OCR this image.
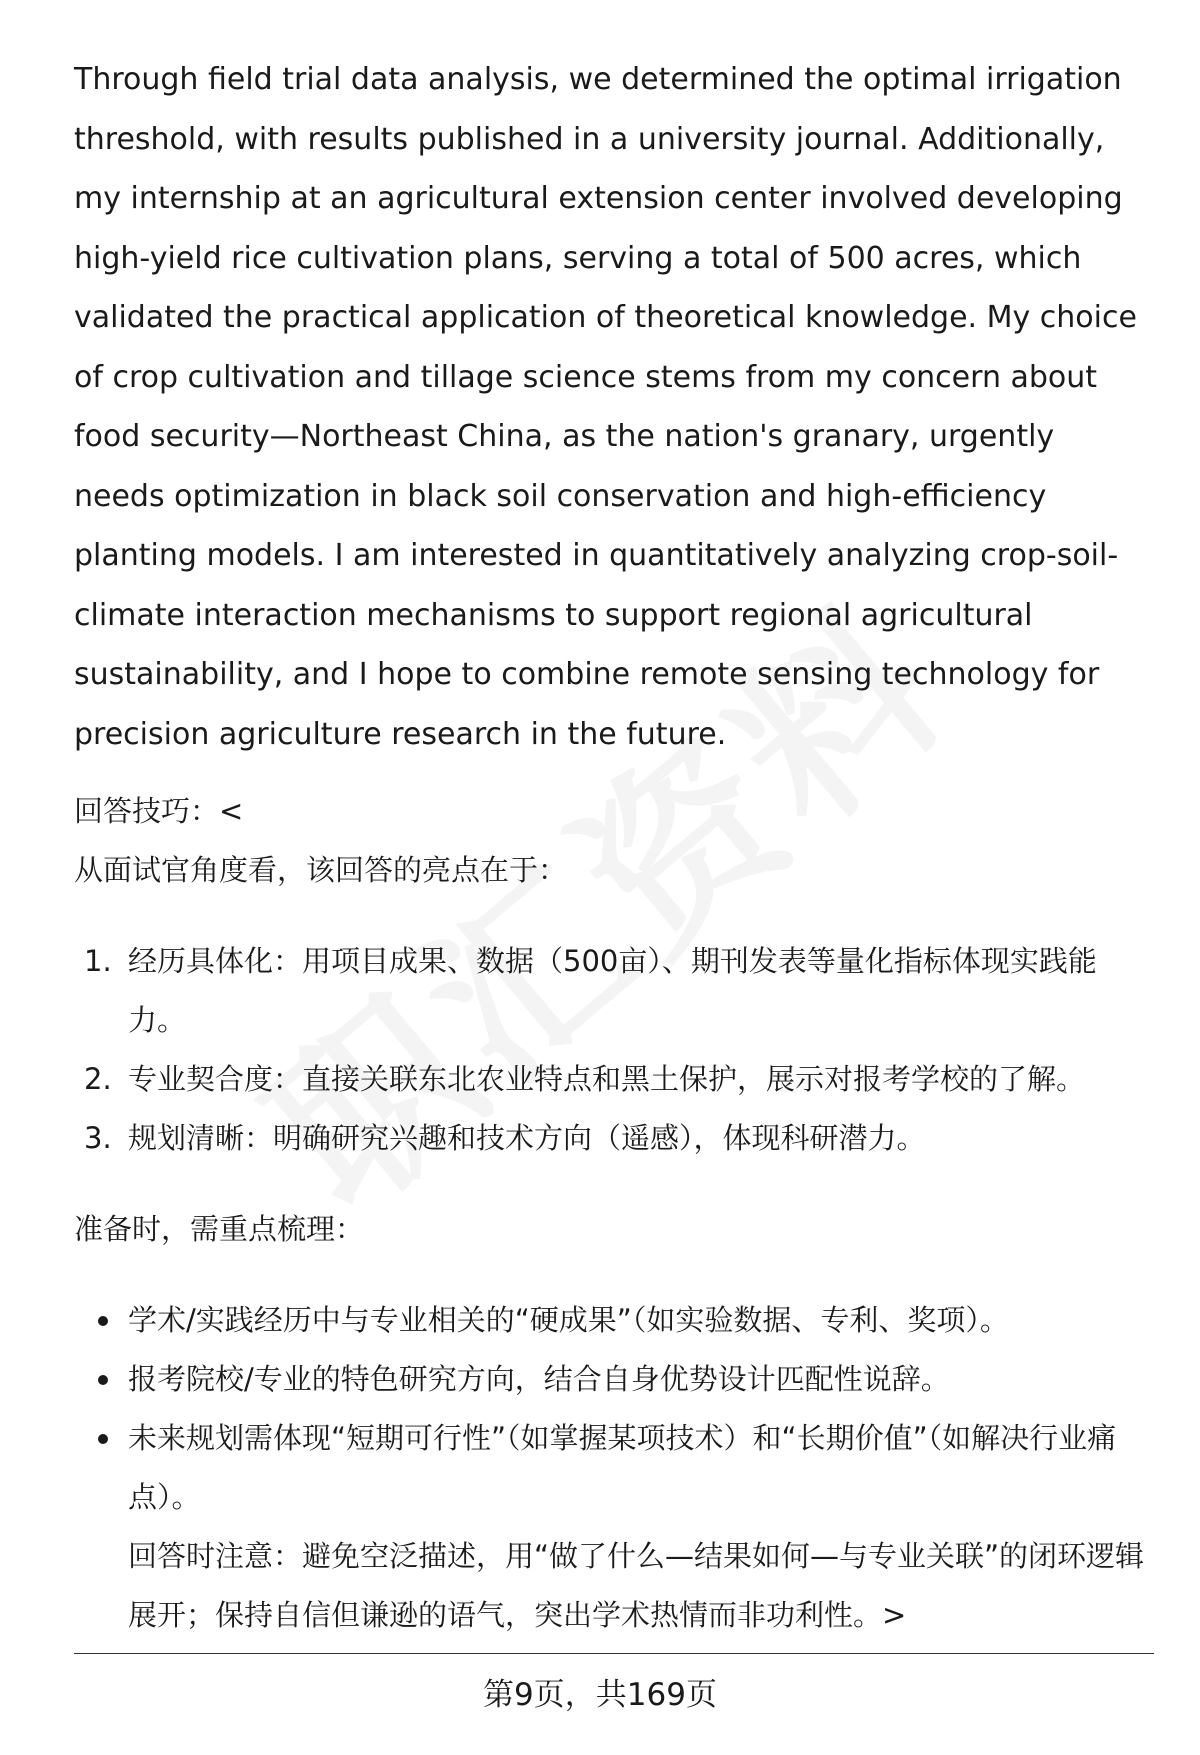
Through field trial data analysis, we determined the optimal irrigation threshold, with results published in a university journal. Additionally, my internship at an agricultural extension center involved developing high-yield rice cultivation plans, serving a total of 500 acres, which validated the practical application of theoretical knowledge. My choice of crop cultivation and tillage science stems from my concern about food security—Northeast China, as the nation's granary, urgently needs optimization in black soil conservation and high-efficiency planting models. I am interested in quantitatively analyzing crop-soil-climate interaction mechanisms to support regional agricultural sustainability, and I hope to combine remote sensing technology for precision agriculture research in the future.

回答技巧：<

从面试官角度看，该回答的亮点在于：

1. 经历具体化：用项目成果、数据（500亩）、期刊发表等量化指标体现实践能力。
2. 专业契合度：直接关联东北农业特点和黑土保护，展示对报考学校的了解。
3. 规划清晰：明确研究兴趣和技术方向（遥感），体现科研潜力。

准备时，需重点梳理：

学术/实践经历中与专业相关的“硬成果”（如实验数据、专利、奖项）。
报考院校/专业的特色研究方向，结合自身优势设计匹配性说辞。
未来规划需体现“短期可行性”（如掌握某项技术）和“长期价值”（如解决行业痛点）。

回答时注意：避免空泛描述，用“做了什么—结果如何—与专业关联”的闭环逻辑展开；保持自信但谦逊的语气，突出学术热情而非功利性。>

第9页，共169页
